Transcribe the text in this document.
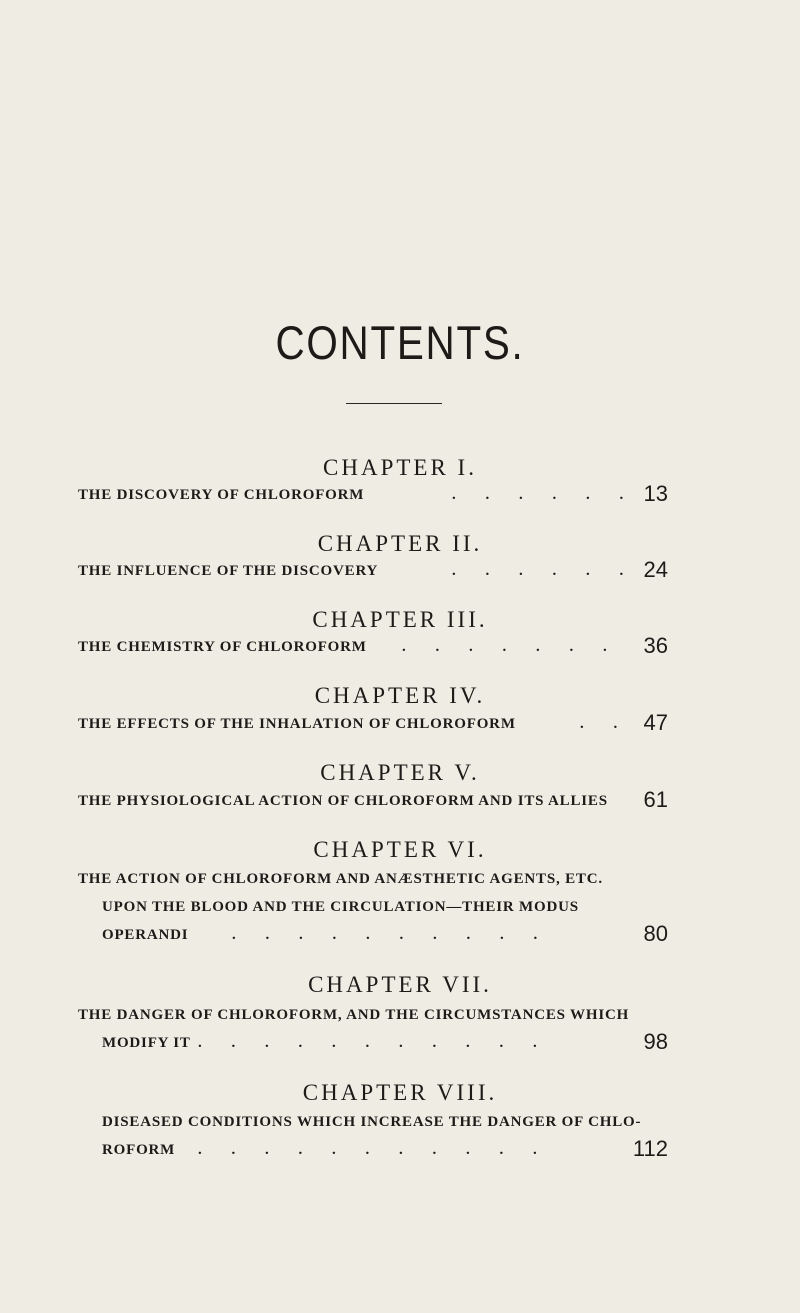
CONTENTS.
CHAPTER I.
THE DISCOVERY OF CHLOROFORM	. . . . . . 13
CHAPTER II.
THE INFLUENCE OF THE DISCOVERY	. . . . . . 24
CHAPTER III.
THE CHEMISTRY OF CHLOROFORM . . . . . . .	36
CHAPTER IV.
THE EFFECTS OF THE INHALATION OF CHLOROFORM	. . 47
CHAPTER V.
THE PHYSIOLOGICAL ACTION OF CHLOROFORM AND ITS ALLIES	61
CHAPTER VI.
THE ACTION OF CHLOROFORM AND ANÆSTHETIC AGENTS, ETC.
UPON THE BLOOD AND THE CIRCULATION—THEIR MODUS
OPERANDI	. . . . . . . . . .	80
CHAPTER VII.
THE DANGER OF CHLOROFORM, AND THE CIRCUMSTANCES WHICH
MODIFY IT . . . . . . . . . . .	98
CHAPTER VIII.
DISEASED CONDITIONS WHICH INCREASE THE DANGER OF CHLO-
ROFORM . . . . . . . . . . .	112
